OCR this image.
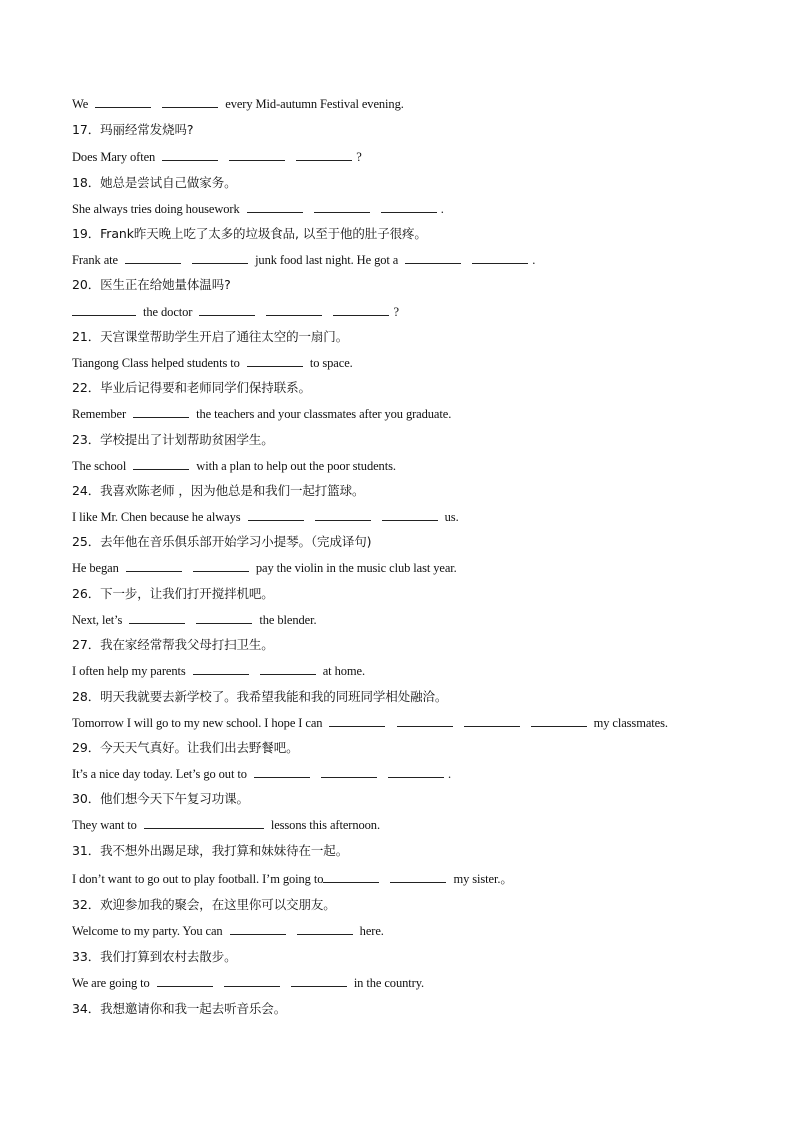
We	every Mid-autumn Festival evening.
17．玛丽经常发烧吗?
Does Mary often	?
18．她总是尝试自己做家务。
She always tries doing housework	.
19．Frank昨天晚上吃了太多的垃圾食品, 以至于他的肚子很疼。
Frank ate	junk food last night. He got a	.
20．医生正在给她量体温吗?
the doctor	?
21．天宫课堂帮助学生开启了通往太空的一扇门。
Tiangong Class helped students to	to space.
22．毕业后记得要和老师同学们保持联系。
Remember	the teachers and your classmates after you graduate.
23．学校提出了计划帮助贫困学生。
The school	with a plan to help out the poor students.
24．我喜欢陈老师 ，因为他总是和我们一起打篮球。
I like Mr. Chen because he always	us.
25．去年他在音乐俱乐部开始学习小提琴。（完成译句)
He began	pay the violin in the music club last year.
26．下一步，让我们打开搅拌机吧。
Next, let’s	the blender.
27．我在家经常帮我父母打扫卫生。
I often help my parents	at home.
28．明天我就要去新学校了。我希望我能和我的同班同学相处融洽。
Tomorrow I will go to my new school. I hope I can	my classmates.
29．今天天气真好。让我们出去野餐吧。
It’s a nice day today. Let’s go out to	.
30．他们想今天下午复习功课。
They want to	lessons this afternoon.
31．我不想外出踢足球，我打算和妹妹待在一起。
I don’t want to go out to play football. I’m going to	my sister.。
32．欢迎参加我的聚会，在这里你可以交朋友。
Welcome to my party. You can	here.
33．我们打算到农村去散步。
We are going to	in the country.
34．我想邀请你和我一起去听音乐会。
